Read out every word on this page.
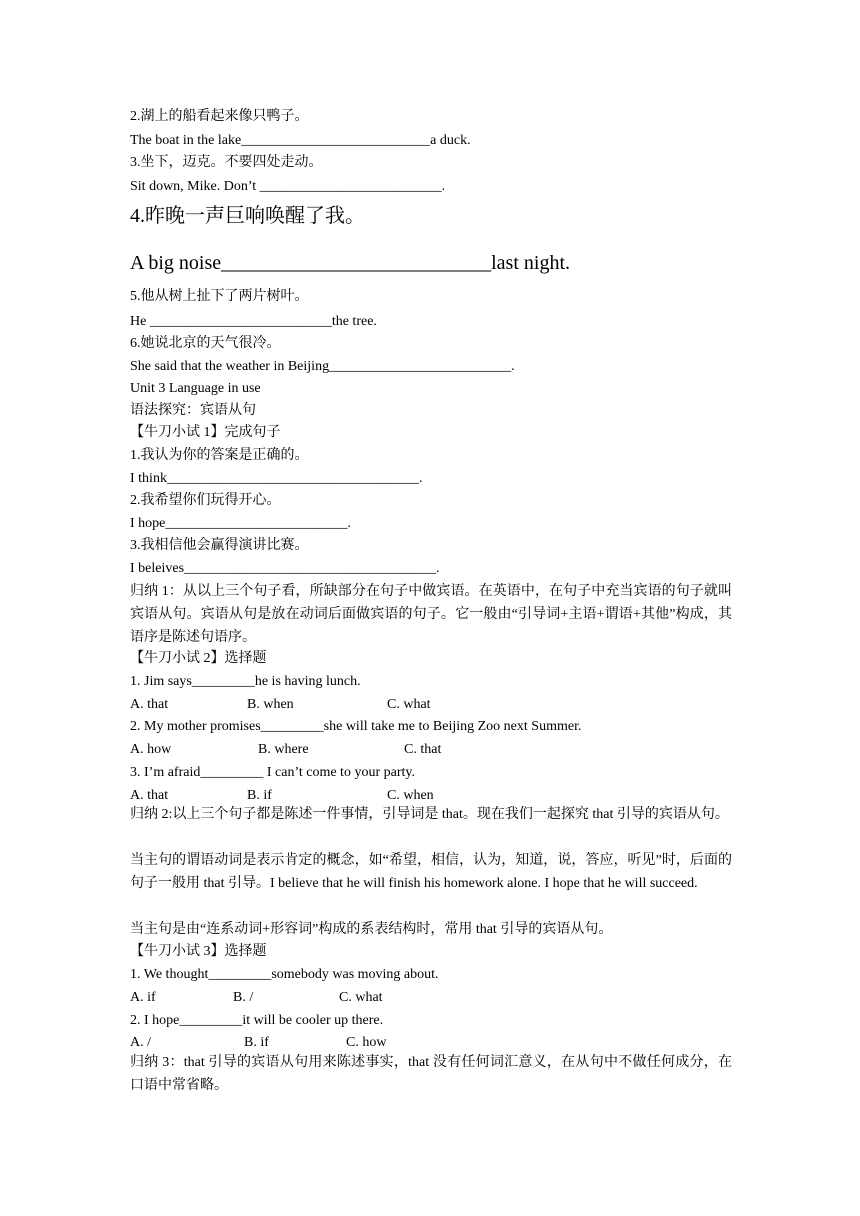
2.湖上的船看起来像只鸭子。
The boat in the lake___________________________a duck.
3.坐下，迈克。不要四处走动。
Sit down, Mike. Don’t __________________________.
4.昨晚一声巨响唤醒了我。
A big noise___________________________last night.
5.他从树上扯下了两片树叶。
He __________________________the tree.
6.她说北京的天气很冷。
She said that the weather in Beijing__________________________.
Unit 3 Language in use
语法探究：宾语从句
【牛刀小试 1】完成句子
1.我认为你的答案是正确的。
I think____________________________________.
2.我希望你们玩得开心。
I hope__________________________.
3.我相信他会赢得演讲比赛。
I beleives____________________________________.
归纳 1：从以上三个句子看，所缺部分在句子中做宾语。在英语中，在句子中充当宾语的句子就叫宾语从句。宾语从句是放在动词后面做宾语的句子。它一般由“引导词+主语+谓语+其他”构成，其语序是陈述句语序。
【牛刀小试 2】选择题
1. Jim says_________he is having lunch.
A. that	B. when	C. what
2. My mother promises_________she will take me to Beijing Zoo next Summer.
A. how	B. where	C. that
3. I’m afraid_________ I can’t come to your party.
A. that	B. if	C. when
归纳 2:以上三个句子都是陈述一件事情，引导词是 that。现在我们一起探究 that 引导的宾语从句。
当主句的谓语动词是表示肯定的概念，如“希望，相信，认为，知道，说，答应，听见”时，后面的句子一般用 that 引导。I believe that he will finish his homework alone. I hope that he will succeed.
当主句是由“连系动词+形容词”构成的系表结构时，常用 that 引导的宾语从句。
【牛刀小试 3】选择题
1. We thought_________somebody was moving about.
A. if	B. /	C. what
2. I hope_________it will be cooler up there.
A. /	B. if	C. how
归纳 3：that 引导的宾语从句用来陈述事实，that 没有任何词汇意义，在从句中不做任何成分，在口语中常省略。
